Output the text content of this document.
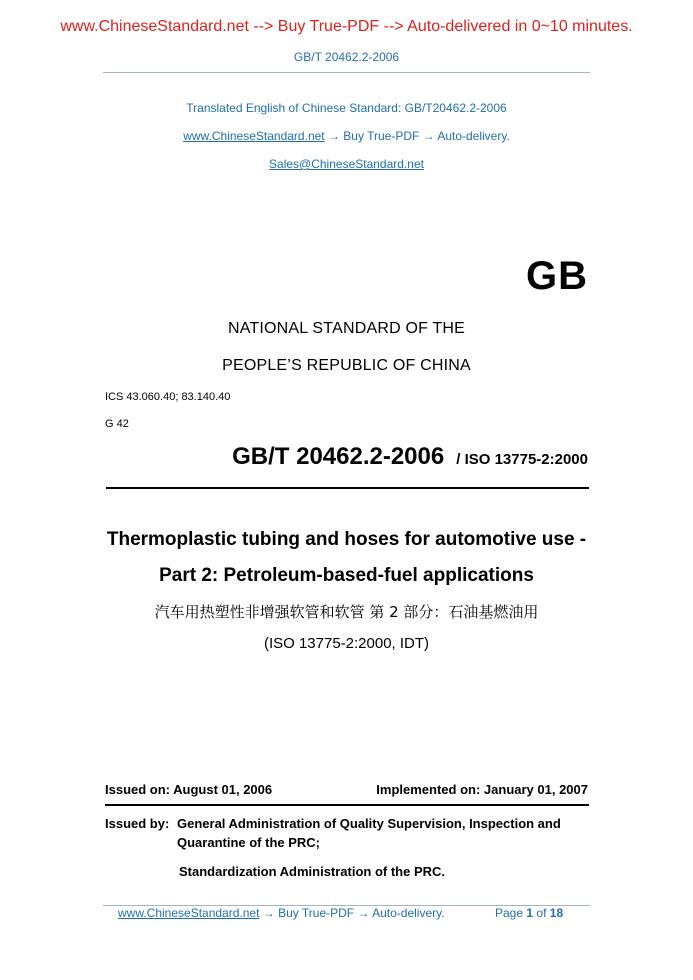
www.ChineseStandard.net --> Buy True-PDF --> Auto-delivered in 0~10 minutes.
GB/T 20462.2-2006
Translated English of Chinese Standard: GB/T20462.2-2006
www.ChineseStandard.net → Buy True-PDF → Auto-delivery.
Sales@ChineseStandard.net
GB
NATIONAL STANDARD OF THE
PEOPLE’S REPUBLIC OF CHINA
ICS 43.060.40; 83.140.40
G 42
GB/T 20462.2-2006 / ISO 13775-2:2000
Thermoplastic tubing and hoses for automotive use -
Part 2: Petroleum-based-fuel applications
汽车用热塑性非增强软管和软管 第 2 部分：石油基燃油用
(ISO 13775-2:2000, IDT)
Issued on: August 01, 2006	Implemented on: January 01, 2007
Issued by: General Administration of Quality Supervision, Inspection and
Quarantine of the PRC;
Standardization Administration of the PRC.
www.ChineseStandard.net → Buy True-PDF → Auto-delivery.	Page 1 of 18
